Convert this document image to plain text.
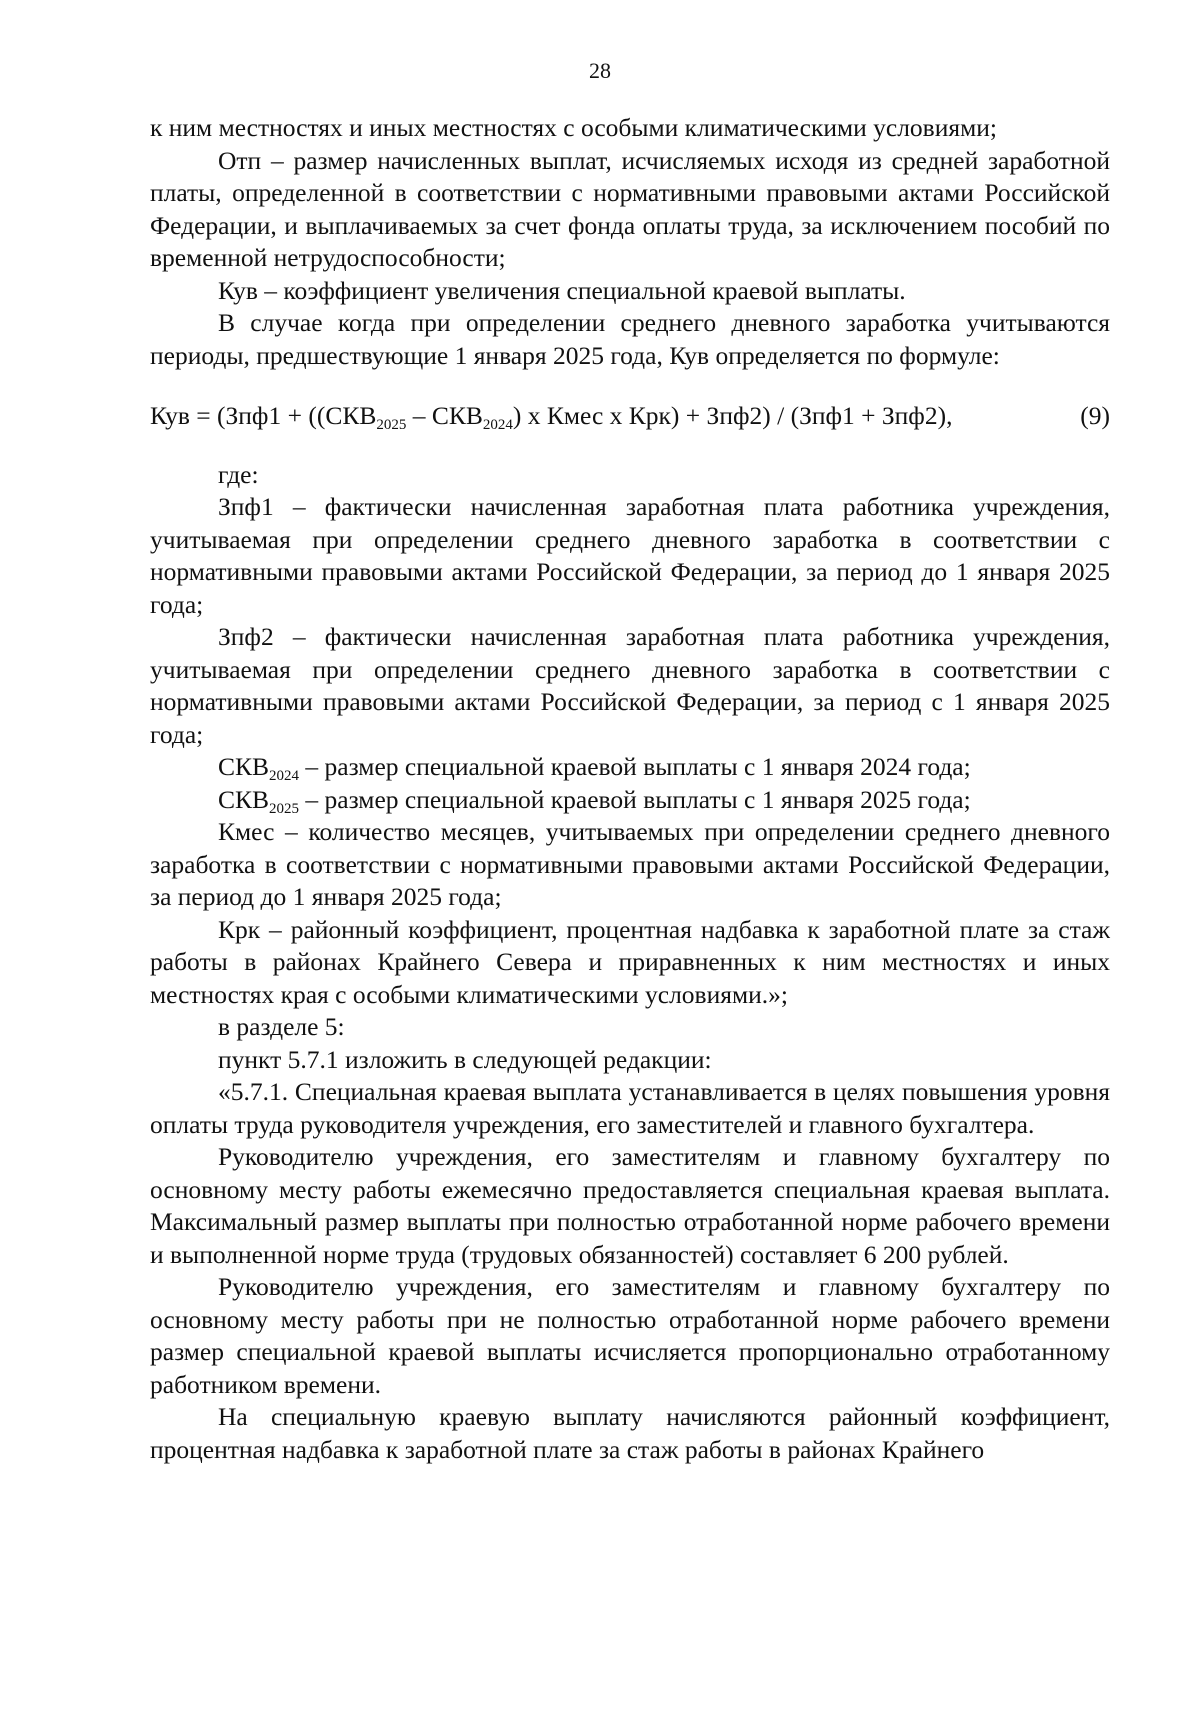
28

к ним местностях и иных местностях с особыми климатическими условиями;

Отп – размер начисленных выплат, исчисляемых исходя из средней заработной платы, определенной в соответствии с нормативными правовыми актами Российской Федерации, и выплачиваемых за счет фонда оплаты труда, за исключением пособий по временной нетрудоспособности;

Кув – коэффициент увеличения специальной краевой выплаты.

В случае когда при определении среднего дневного заработка учитываются периоды, предшествующие 1 января 2025 года, Кув определяется по формуле:

Кув = ($Зпф1 + ((СКВ_{2025} - СКВ_{2024})$ x Кмес x Крк) + Зпф2) / (Зпф1 + Зпф2),	(9)

где:

Зпф1 – фактически начисленная заработная плата работника учреждения, учитываемая при определении среднего дневного заработка в соответствии с нормативными правовыми актами Российской Федерации, за период до 1 января 2025 года;

Зпф2 – фактически начисленная заработная плата работника учреждения, учитываемая при определении среднего дневного заработка в соответствии с нормативными правовыми актами Российской Федерации, за период с 1 января 2025 года;

$СКВ_{2024}$ – размер специальной краевой выплаты с 1 января 2024 года;

$СКВ_{2025}$ – размер специальной краевой выплаты с 1 января 2025 года;

Кмес – количество месяцев, учитываемых при определении среднего дневного заработка в соответствии с нормативными правовыми актами Российской Федерации, за период до 1 января 2025 года;

Крк – районный коэффициент, процентная надбавка к заработной плате за стаж работы в районах Крайнего Севера и приравненных к ним местностях и иных местностях края с особыми климатическими условиями.»;

в разделе 5:

пункт 5.7.1 изложить в следующей редакции:

«5.7.1. Специальная краевая выплата устанавливается в целях повышения уровня оплаты труда руководителя учреждения, его заместителей и главного бухгалтера.

Руководителю учреждения, его заместителям и главному бухгалтеру по основному месту работы ежемесячно предоставляется специальная краевая выплата. Максимальный размер выплаты при полностью отработанной норме рабочего времени и выполненной норме труда (трудовых обязанностей) составляет 6 200 рублей.

Руководителю учреждения, его заместителям и главному бухгалтеру по основному месту работы при не полностью отработанной норме рабочего времени размер специальной краевой выплаты исчисляется пропорционально отработанному работником времени.

На специальную краевую выплату начисляются районный коэффициент, процентная надбавка к заработной плате за стаж работы в районах Крайнего
